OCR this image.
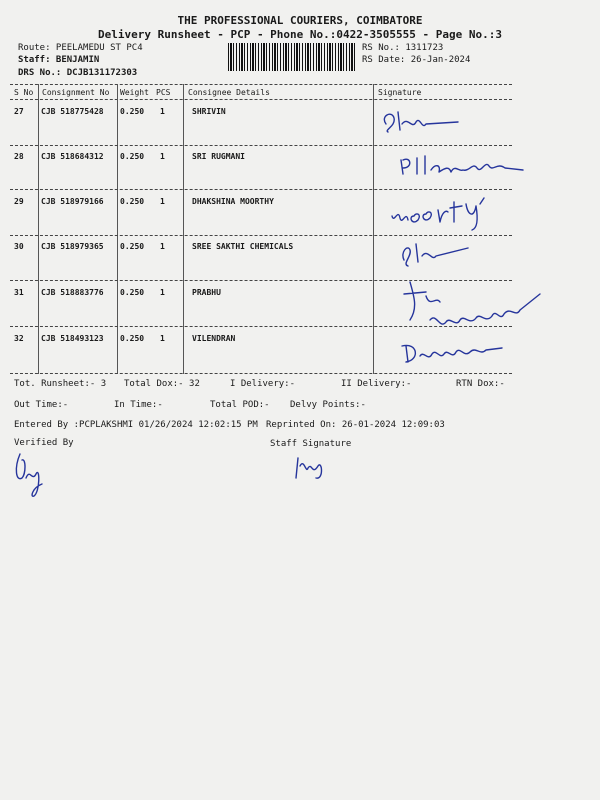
THE PROFESSIONAL COURIERS, COIMBATORE
Delivery Runsheet - PCP - Phone No.:0422-3505555 - Page No.:3
Route: PEELAMEDU ST PC4
Staff: BENJAMIN
DRS No.: DCJB131172303
RS No.: 1311723
RS Date: 26-Jan-2024
S No Consignment No Weight PCS Consignee Details	Signature
27 CJB 518775428 0.250 1	SHRIVIN
28 CJB 518684312 0.250 1	SRI RUGMANI
29 CJB 518979166 0.250 1	DHAKSHINA MOORTHY
30 CJB 518979365 0.250 1	SREE SAKTHI CHEMICALS
31 CJB 518883776 0.250 1	PRABHU
32 CJB 518493123 0.250 1	VILENDRAN
Tot. Runsheet:- 3 Total Dox:- 32	I Delivery:-	II Delivery:-	RTN Dox:-
Out Time:-	In Time:-	Total POD:- Delvy Points:-
Entered By :PCPLAKSHMI 01/26/2024 12:02:15 PM Reprinted On: 26-01-2024 12:09:03
Verified By	Staff Signature
